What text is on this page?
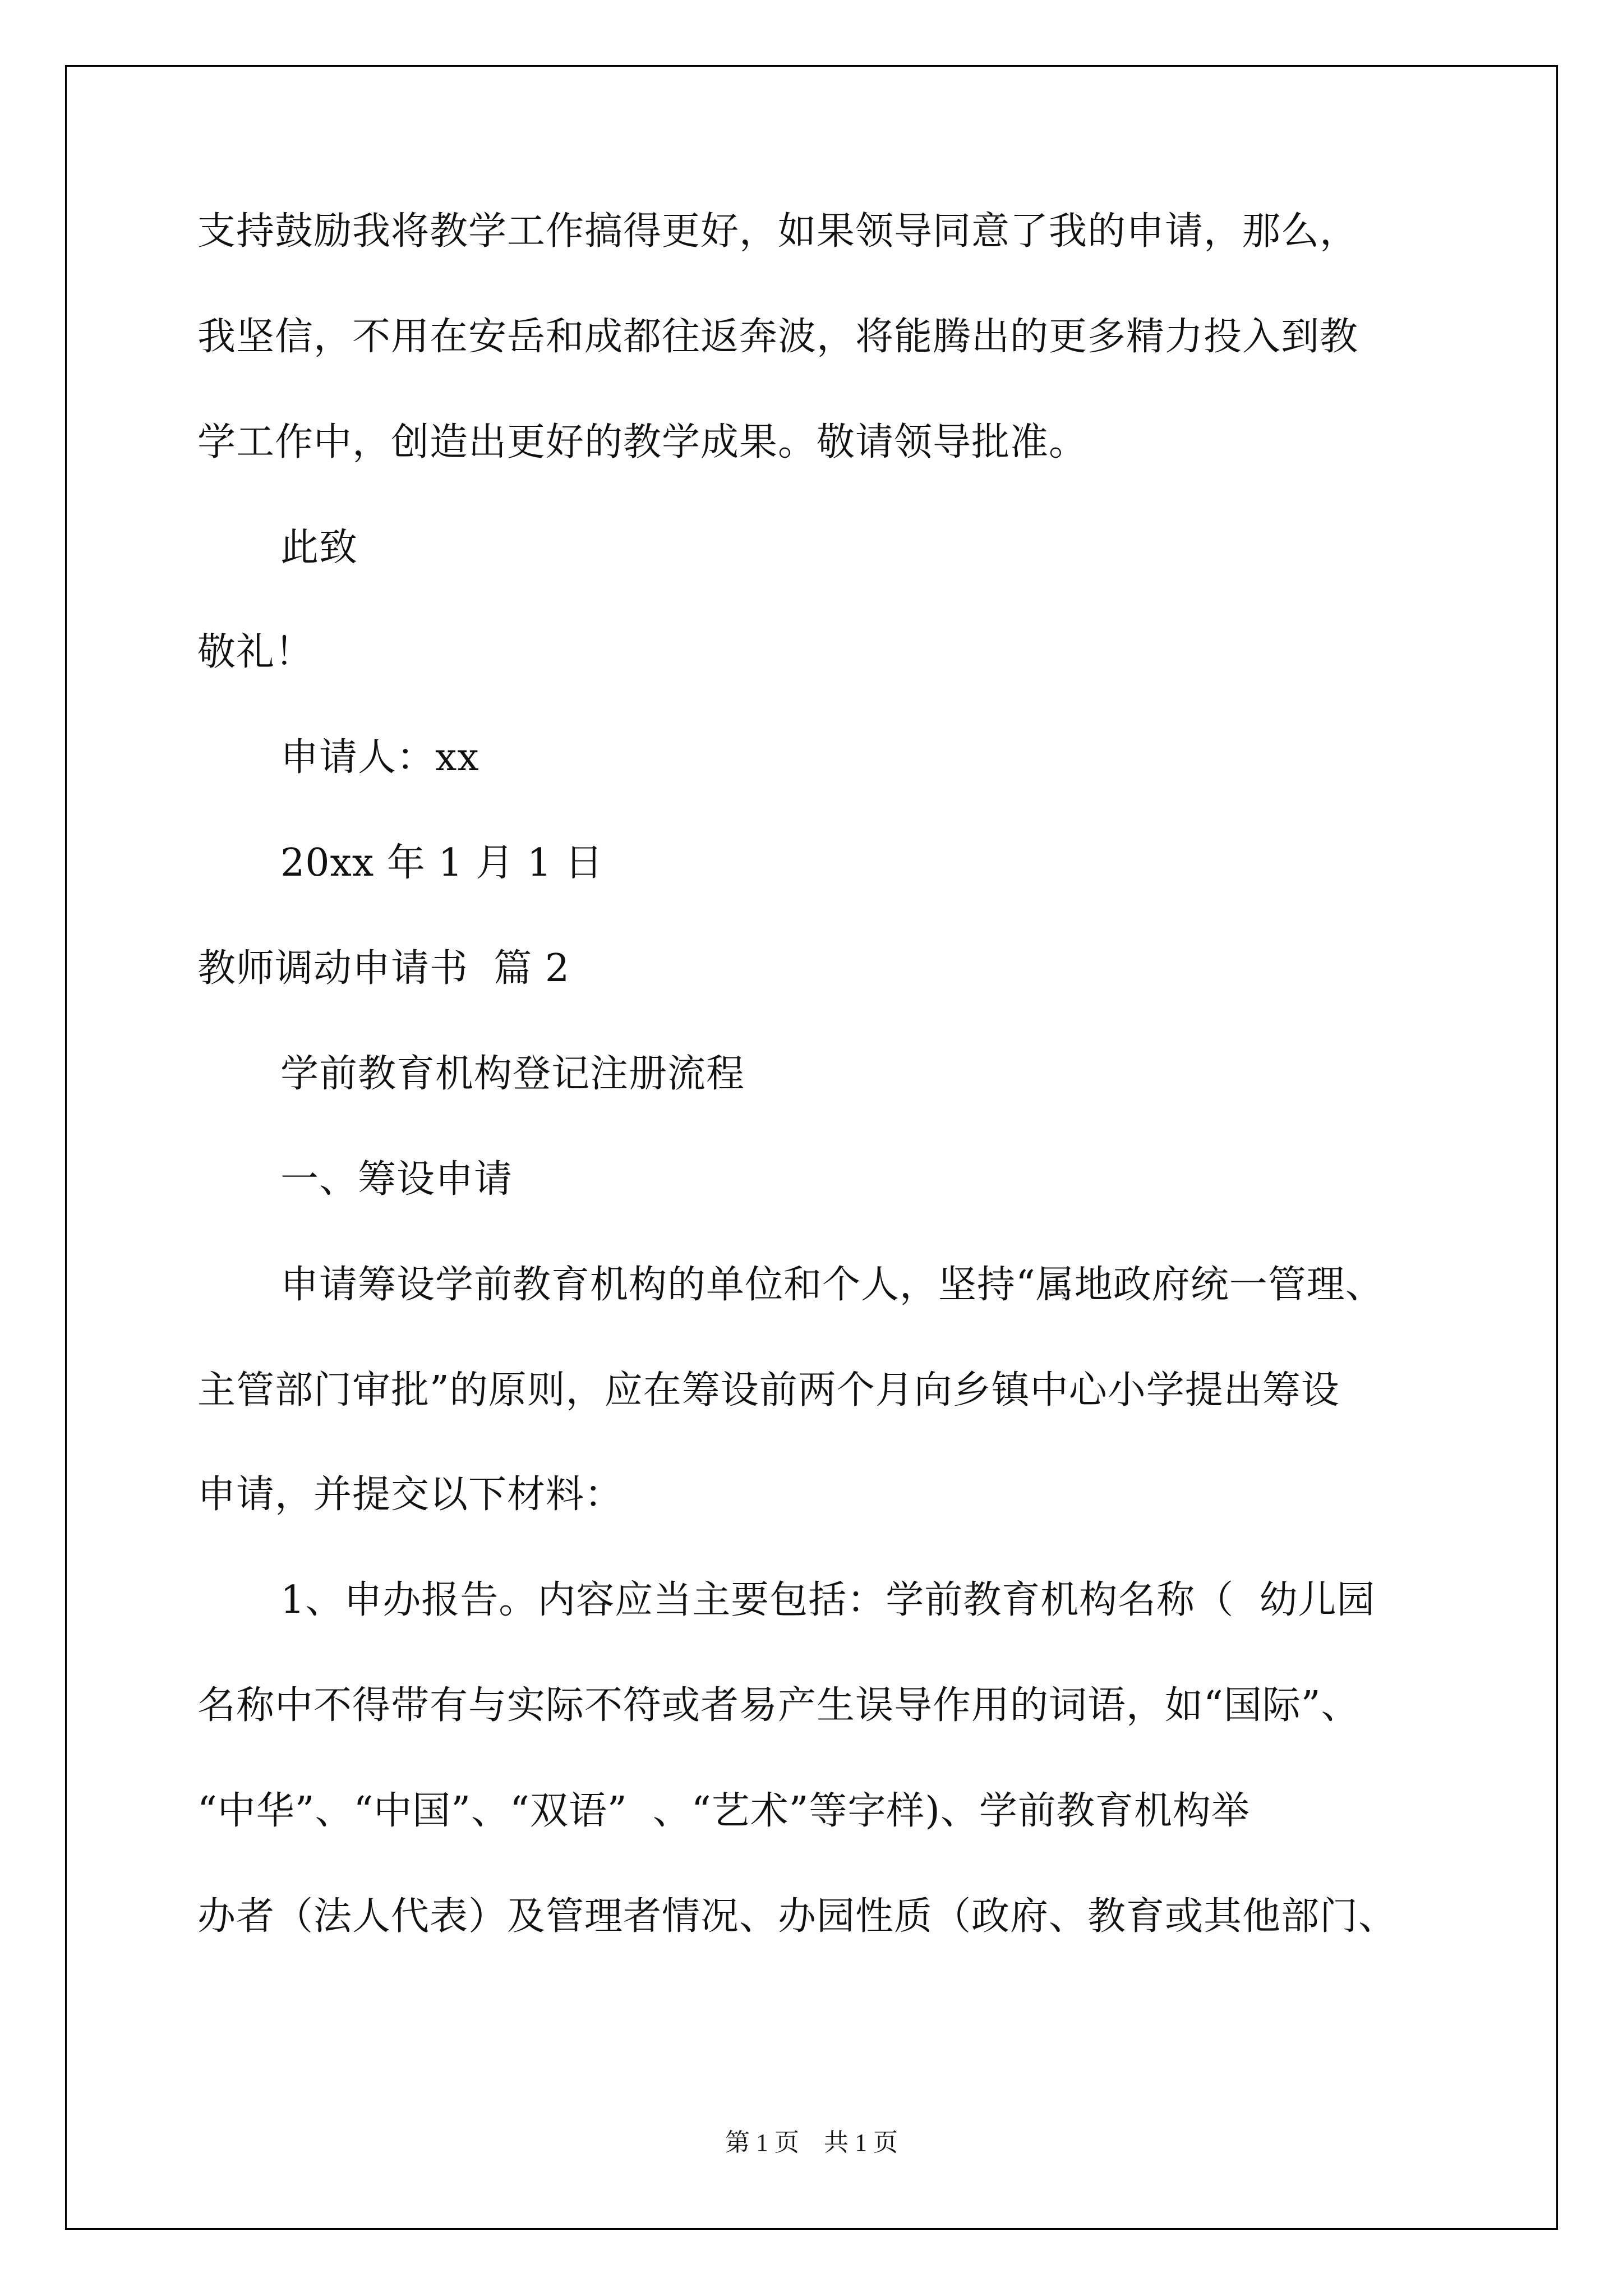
支持鼓励我将教学工作搞得更好，如果领导同意了我的申请，那么，

我坚信，不用在安岳和成都往返奔波，将能腾出的更多精力投入到教

学工作中，创造出更好的教学成果。敬请领导批准。

此致

敬礼！

申请人：xx

20xx 年 1 月 1 日

教师调动申请书  篇 2

学前教育机构登记注册流程

一、筹设申请

申请筹设学前教育机构的单位和个人，坚持“属地政府统一管理、

主管部门审批”的原则，应在筹设前两个月向乡镇中心小学提出筹设

申请，并提交以下材料：

1、申办报告。内容应当主要包括：学前教育机构名称（  幼儿园

名称中不得带有与实际不符或者易产生误导作用的词语，如“国际”、

“中华”、“中国”、“双语”  、“艺术”等字样)、学前教育机构举

办者（法人代表）及管理者情况、办园性质（政府、教育或其他部门、

第 1 页    共 1 页
